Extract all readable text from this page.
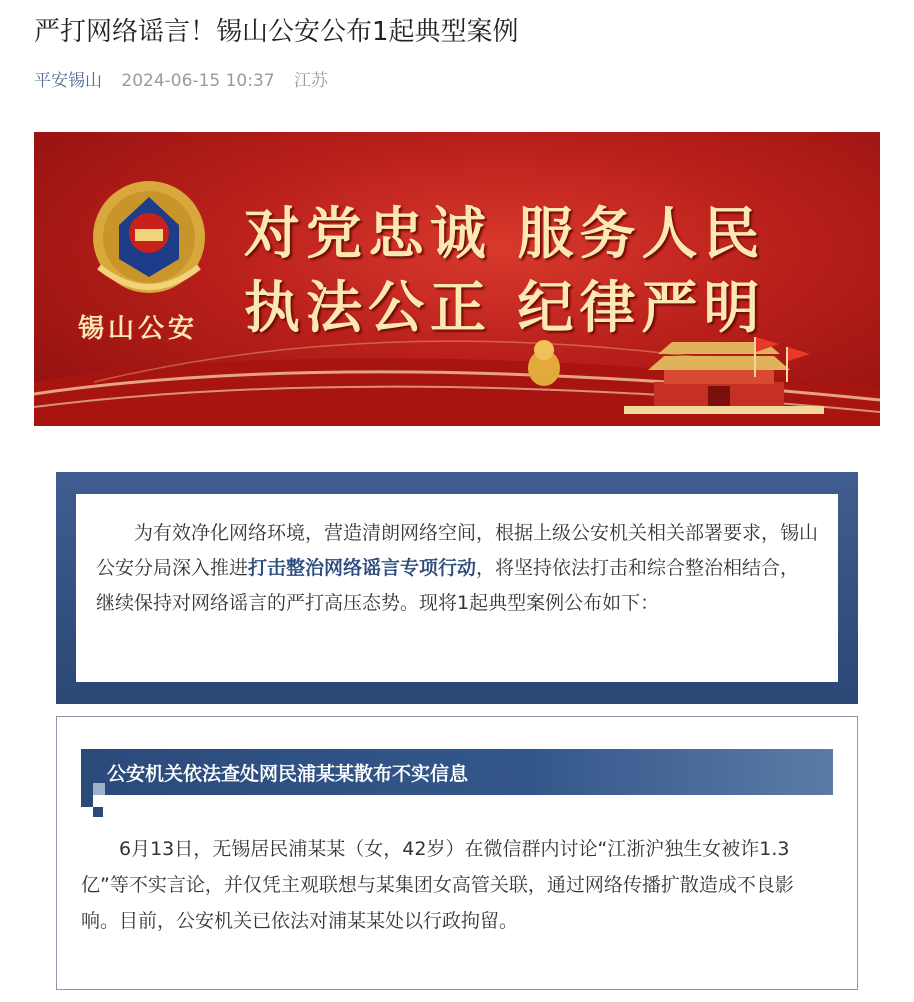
严打网络谣言！锡山公安公布1起典型案例
平安锡山 2024-06-15 10:37 江苏
对党忠诚 服务人民
执法公正 纪律严明
锡山公安

为有效净化网络环境，营造清朗网络空间，根据上级公安机关相关部署要求，锡山公安分局深入推进打击整治网络谣言专项行动，将坚持依法打击和综合整治相结合，继续保持对网络谣言的严打高压态势。现将1起典型案例公布如下：

公安机关依法查处网民浦某某散布不实信息

6月13日，无锡居民浦某某（女，42岁）在微信群内讨论“江浙沪独生女被诈1.3亿”等不实言论，并仅凭主观联想与某集团女高管关联，通过网络传播扩散造成不良影响。目前，公安机关已依法对浦某某处以行政拘留。
